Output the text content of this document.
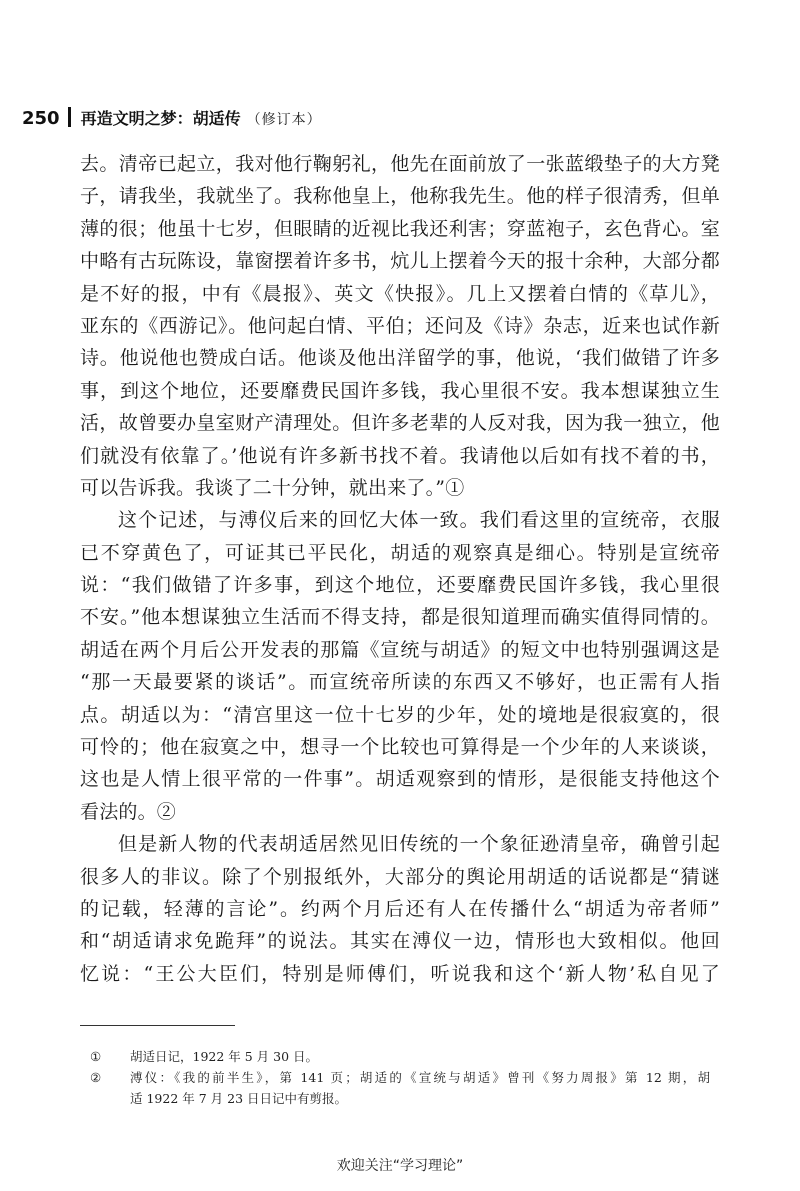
250 再造文明之梦：胡适传 （修订本）
去。清帝已起立，我对他行鞠躬礼，他先在面前放了一张蓝缎垫子的大方凳
子，请我坐，我就坐了。我称他皇上，他称我先生。他的样子很清秀，但单
薄的很；他虽十七岁，但眼睛的近视比我还利害；穿蓝袍子，玄色背心。室
中略有古玩陈设，靠窗摆着许多书，炕儿上摆着今天的报十余种，大部分都
是不好的报，中有《晨报》、英文《快报》。几上又摆着白情的《草儿》，
亚东的《西游记》。他问起白情、平伯；还问及《诗》杂志，近来也试作新
诗。他说他也赞成白话。他谈及他出洋留学的事，他说，‘我们做错了许多
事，到这个地位，还要靡费民国许多钱，我心里很不安。我本想谋独立生
活，故曾要办皇室财产清理处。但许多老辈的人反对我，因为我一独立，他
们就没有依靠了。’他说有许多新书找不着。我请他以后如有找不着的书，
可以告诉我。我谈了二十分钟，就出来了。”①
这个记述，与溥仪后来的回忆大体一致。我们看这里的宣统帝，衣服
已不穿黄色了，可证其已平民化，胡适的观察真是细心。特别是宣统帝
说：“我们做错了许多事，到这个地位，还要靡费民国许多钱，我心里很
不安。”他本想谋独立生活而不得支持，都是很知道理而确实值得同情的。
胡适在两个月后公开发表的那篇《宣统与胡适》的短文中也特别强调这是
“那一天最要紧的谈话”。而宣统帝所读的东西又不够好，也正需有人指
点。胡适以为：“清宫里这一位十七岁的少年，处的境地是很寂寞的，很
可怜的；他在寂寞之中，想寻一个比较也可算得是一个少年的人来谈谈，
这也是人情上很平常的一件事”。胡适观察到的情形，是很能支持他这个
看法的。②
但是新人物的代表胡适居然见旧传统的一个象征逊清皇帝，确曾引起
很多人的非议。除了个别报纸外，大部分的舆论用胡适的话说都是“猜谜
的记载，轻薄的言论”。约两个月后还有人在传播什么“胡适为帝者师”
和“胡适请求免跪拜”的说法。其实在溥仪一边，情形也大致相似。他回
忆说：“王公大臣们，特别是师傅们，听说我和这个‘新人物’私自见了
①	胡适日记，1922 年 5 月 30 日。
②	溥仪：《我的前半生》，第 141 页；胡适的《宣统与胡适》曾刊《努力周报》第 12 期，胡
适 1922 年 7 月 23 日日记中有剪报。
欢迎关注“学习理论”
